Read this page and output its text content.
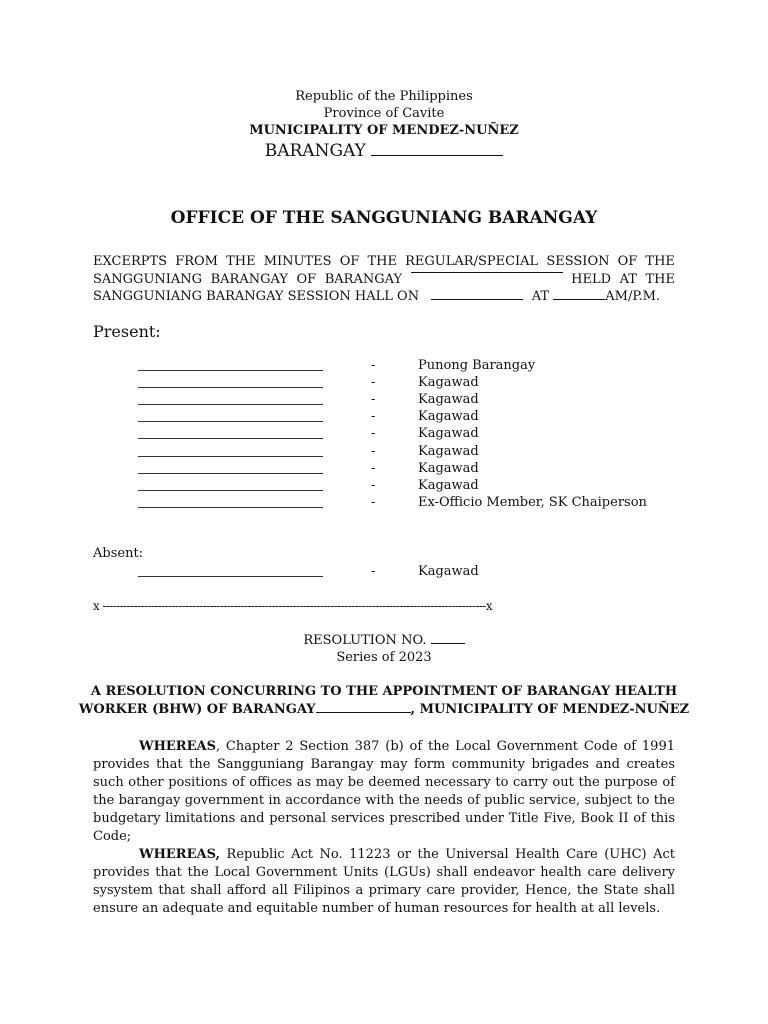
Republic of the Philippines
Province of Cavite
MUNICIPALITY OF MENDEZ-NUÑEZ
BARANGAY
OFFICE OF THE SANGGUNIANG BARANGAY
EXCERPTS FROM THE MINUTES OF THE REGULAR/SPECIAL SESSION OF THE
SANGGUNIANG BARANGAY OF BARANGAY	HELD AT THE
SANGGUNIANG BARANGAY SESSION HALL ON	AT	AM/P.M.
Present:
-	Punong Barangay
-	Kagawad
-	Kagawad
-	Kagawad
-	Kagawad
-	Kagawad
-	Kagawad
-	Kagawad
-	Ex-Officio Member, SK Chaiperson
Absent:
-	Kagawad
x ---------------------------------------------------------------------------------------------------------------x
RESOLUTION NO.
Series of 2023
A RESOLUTION CONCURRING TO THE APPOINTMENT OF BARANGAY HEALTH
WORKER (BHW) OF BARANGAY	, MUNICIPALITY OF MENDEZ-NUÑEZ

WHEREAS, Chapter 2 Section 387 (b) of the Local Government Code of 1991 provides that the Sangguniang Barangay may form community brigades and creates such other positions of offices as may be deemed necessary to carry out the purpose of the barangay government in accordance with the needs of public service, subject to the budgetary limitations and personal services prescribed under Title Five, Book II of this Code;

WHEREAS, Republic Act No. 11223 or the Universal Health Care (UHC) Act provides that the Local Government Units (LGUs) shall endeavor health care delivery sysystem that shall afford all Filipinos a primary care provider, Hence, the State shall ensure an adequate and equitable number of human resources for health at all levels.
